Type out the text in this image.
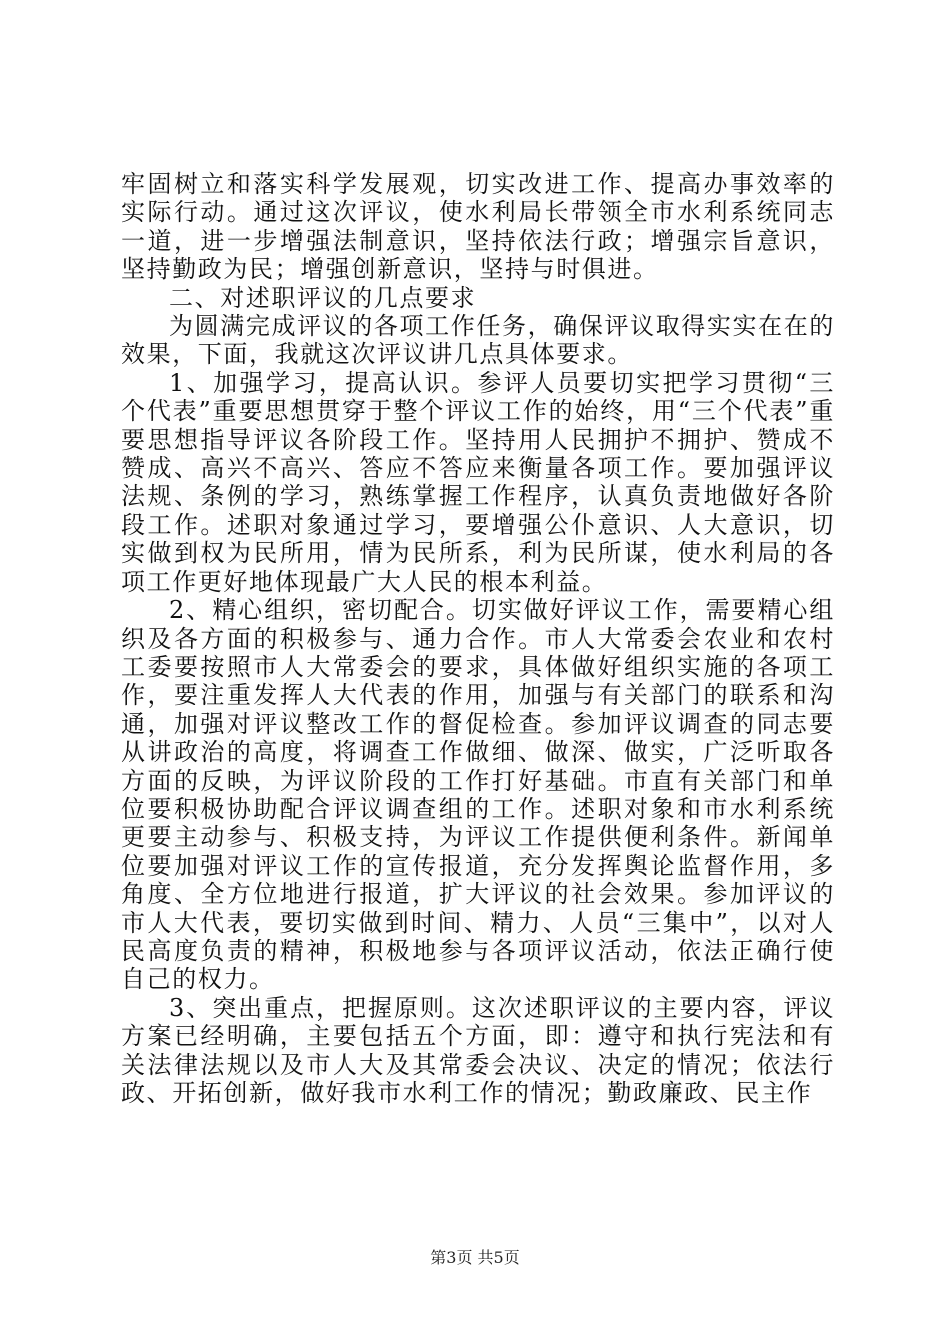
牢固树立和落实科学发展观，切实改进工作、提高办事效率的实际行动。通过这次评议，使水利局长带领全市水利系统同志一道，进一步增强法制意识，坚持依法行政；增强宗旨意识，坚持勤政为民；增强创新意识，坚持与时俱进。

二、对述职评议的几点要求

为圆满完成评议的各项工作任务，确保评议取得实实在在的效果，下面，我就这次评议讲几点具体要求。

1、加强学习，提高认识。参评人员要切实把学习贯彻“三个代表”重要思想贯穿于整个评议工作的始终，用“三个代表”重要思想指导评议各阶段工作。坚持用人民拥护不拥护、赞成不赞成、高兴不高兴、答应不答应来衡量各项工作。要加强评议法规、条例的学习，熟练掌握工作程序，认真负责地做好各阶段工作。述职对象通过学习，要增强公仆意识、人大意识，切实做到权为民所用，情为民所系，利为民所谋，使水利局的各项工作更好地体现最广大人民的根本利益。

2、精心组织，密切配合。切实做好评议工作，需要精心组织及各方面的积极参与、通力合作。市人大常委会农业和农村工委要按照市人大常委会的要求，具体做好组织实施的各项工作，要注重发挥人大代表的作用，加强与有关部门的联系和沟通，加强对评议整改工作的督促检查。参加评议调查的同志要从讲政治的高度，将调查工作做细、做深、做实，广泛听取各方面的反映，为评议阶段的工作打好基础。市直有关部门和单位要积极协助配合评议调查组的工作。述职对象和市水利系统更要主动参与、积极支持，为评议工作提供便利条件。新闻单位要加强对评议工作的宣传报道，充分发挥舆论监督作用，多角度、全方位地进行报道，扩大评议的社会效果。参加评议的市人大代表，要切实做到时间、精力、人员“三集中”，以对人民高度负责的精神，积极地参与各项评议活动，依法正确行使自己的权力。

3、突出重点，把握原则。这次述职评议的主要内容，评议方案已经明确，主要包括五个方面，即：遵守和执行宪法和有关法律法规以及市人大及其常委会决议、决定的情况；依法行政、开拓创新，做好我市水利工作的情况；勤政廉政、民主作

第3页 共5页
